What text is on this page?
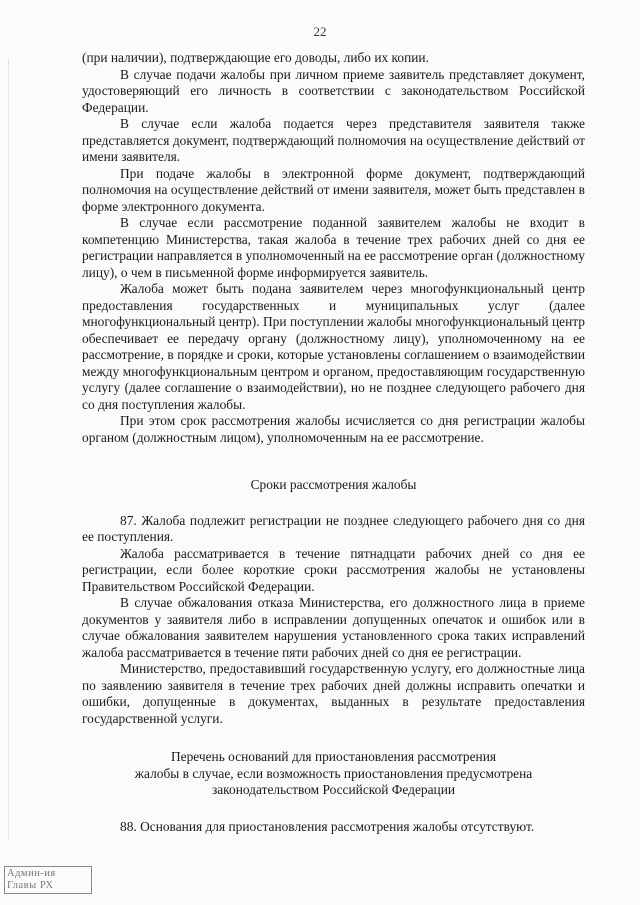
22

(при наличии), подтверждающие его доводы, либо их копии.

В случае подачи жалобы при личном приеме заявитель представляет документ, удостоверяющий его личность в соответствии с законодательством Российской Федерации.

В случае если жалоба подается через представителя заявителя также представляется документ, подтверждающий полномочия на осуществление действий от имени заявителя.

При подаче жалобы в электронной форме документ, подтверждающий полномочия на осуществление действий от имени заявителя, может быть представлен в форме электронного документа.

В случае если рассмотрение поданной заявителем жалобы не входит в компетенцию Министерства, такая жалоба в течение трех рабочих дней со дня ее регистрации направляется в уполномоченный на ее рассмотрение орган (должностному лицу), о чем в письменной форме информируется заявитель.

Жалоба может быть подана заявителем через многофункциональный центр предоставления государственных и муниципальных услуг (далее многофункциональный центр). При поступлении жалобы многофункциональный центр обеспечивает ее передачу органу (должностному лицу), уполномоченному на ее рассмотрение, в порядке и сроки, которые установлены соглашением о взаимодействии между многофункциональным центром и органом, предоставляющим государственную услугу (далее соглашение о взаимодействии), но не позднее следующего рабочего дня со дня поступления жалобы.

При этом срок рассмотрения жалобы исчисляется со дня регистрации жалобы органом (должностным лицом), уполномоченным на ее рассмотрение.

Сроки рассмотрения жалобы

87. Жалоба подлежит регистрации не позднее следующего рабочего дня со дня ее поступления.

Жалоба рассматривается в течение пятнадцати рабочих дней со дня ее регистрации, если более короткие сроки рассмотрения жалобы не установлены Правительством Российской Федерации.

В случае обжалования отказа Министерства, его должностного лица в приеме документов у заявителя либо в исправлении допущенных опечаток и ошибок или в случае обжалования заявителем нарушения установленного срока таких исправлений жалоба рассматривается в течение пяти рабочих дней со дня ее регистрации.

Министерство, предоставивший государственную услугу, его должностные лица по заявлению заявителя в течение трех рабочих дней должны исправить опечатки и ошибки, допущенные в документах, выданных в результате предоставления государственной услуги.

Перечень оснований для приостановления рассмотрения
жалобы в случае, если возможность приостановления предусмотрена
законодательством Российской Федерации

88. Основания для приостановления рассмотрения жалобы отсутствуют.

Админ-ия
Главы РХ
